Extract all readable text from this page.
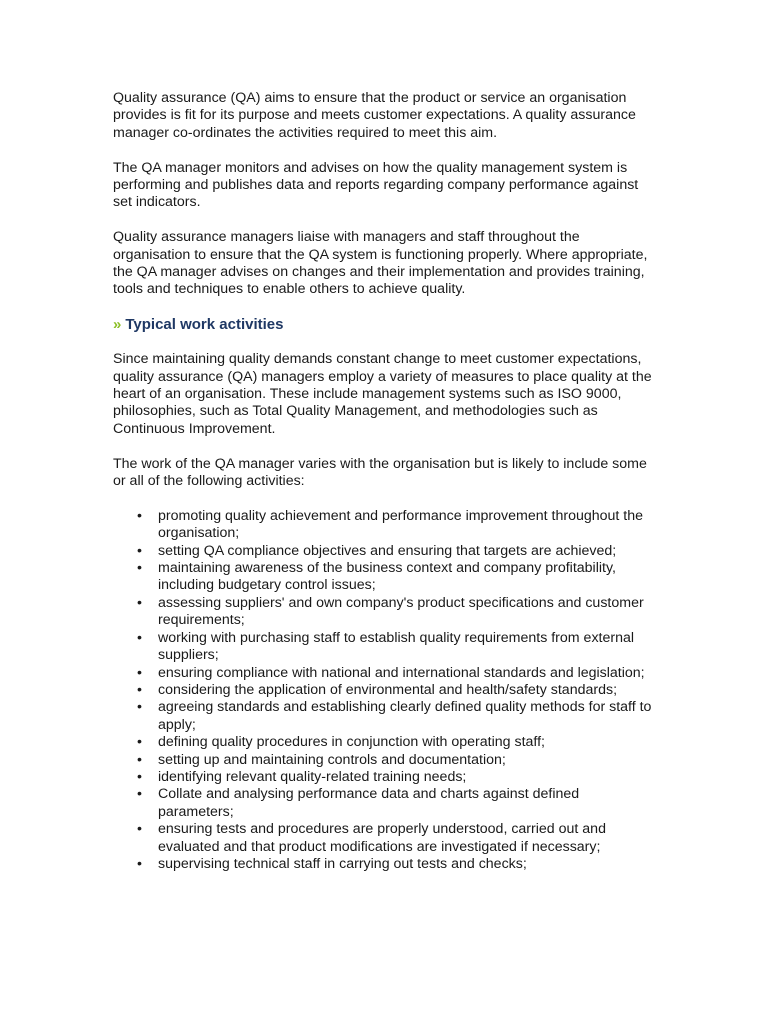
Quality assurance (QA) aims to ensure that the product or service an organisation provides is fit for its purpose and meets customer expectations. A quality assurance manager co-ordinates the activities required to meet this aim.

The QA manager monitors and advises on how the quality management system is performing and publishes data and reports regarding company performance against set indicators.

Quality assurance managers liaise with managers and staff throughout the organisation to ensure that the QA system is functioning properly. Where appropriate, the QA manager advises on changes and their implementation and provides training, tools and techniques to enable others to achieve quality.

» Typical work activities

Since maintaining quality demands constant change to meet customer expectations, quality assurance (QA) managers employ a variety of measures to place quality at the heart of an organisation. These include management systems such as ISO 9000, philosophies, such as Total Quality Management, and methodologies such as Continuous Improvement.

The work of the QA manager varies with the organisation but is likely to include some or all of the following activities:

• promoting quality achievement and performance improvement throughout the organisation;
• setting QA compliance objectives and ensuring that targets are achieved;
• maintaining awareness of the business context and company profitability, including budgetary control issues;
• assessing suppliers' and own company's product specifications and customer requirements;
• working with purchasing staff to establish quality requirements from external suppliers;
• ensuring compliance with national and international standards and legislation;
• considering the application of environmental and health/safety standards;
• agreeing standards and establishing clearly defined quality methods for staff to apply;
• defining quality procedures in conjunction with operating staff;
• setting up and maintaining controls and documentation;
• identifying relevant quality-related training needs;
• Collate and analysing performance data and charts against defined parameters;
• ensuring tests and procedures are properly understood, carried out and evaluated and that product modifications are investigated if necessary;
• supervising technical staff in carrying out tests and checks;
